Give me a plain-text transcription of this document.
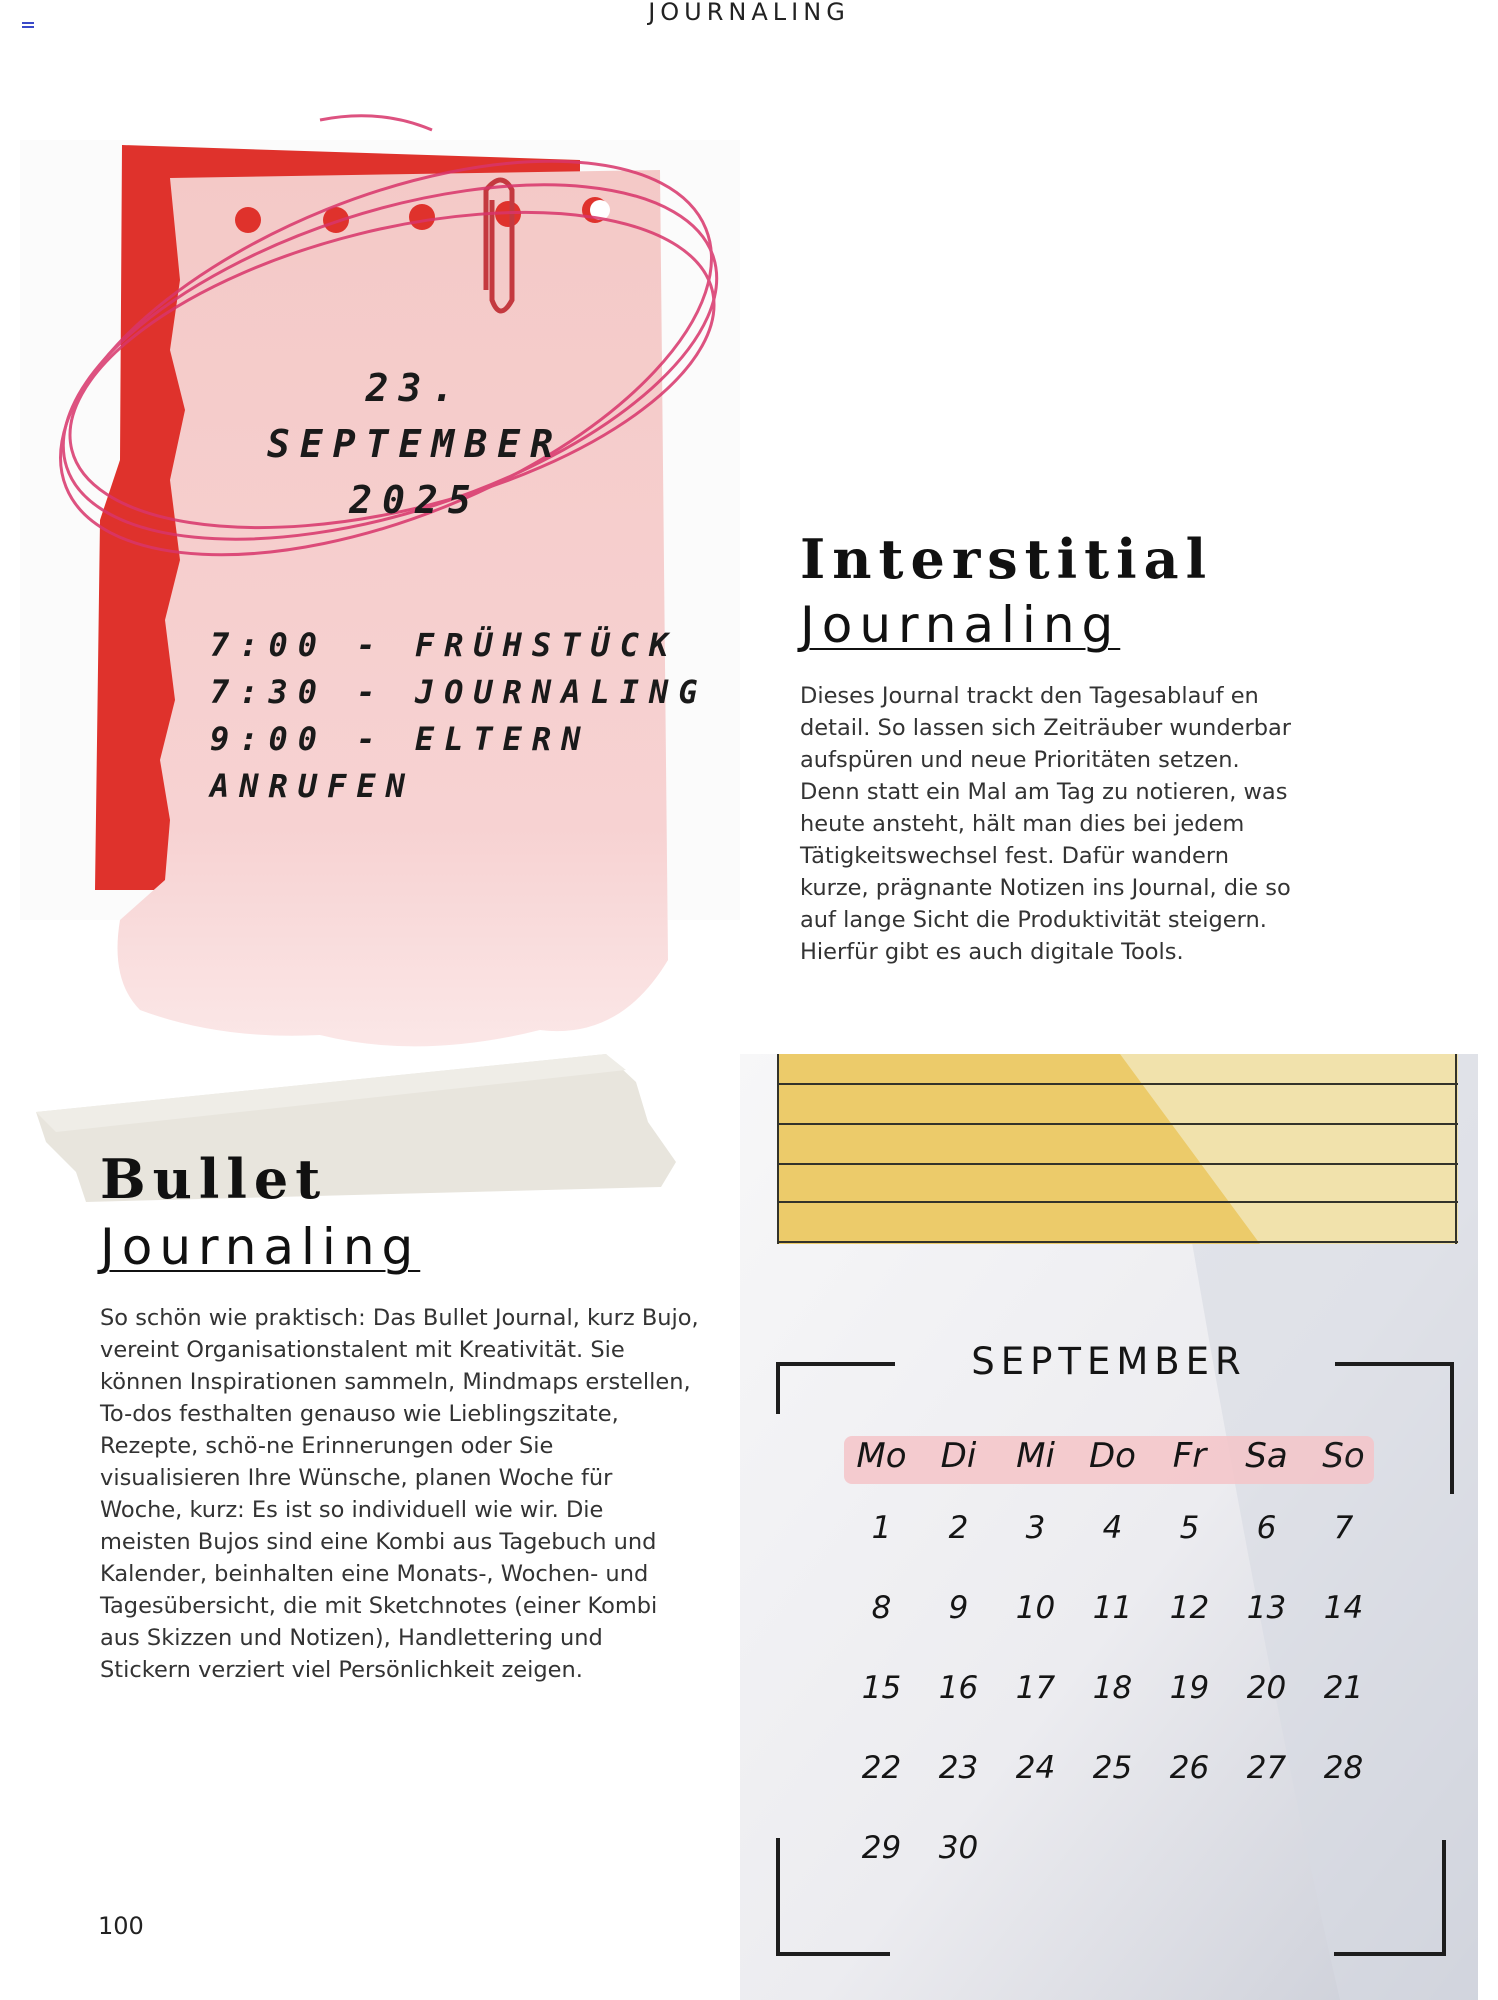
JOURNALING
23. SEPTEMBER
2025
7:00 - FRÜHSTÜCK
7:30 - JOURNALING
9:00 - ELTERN
ANRUFEN
Interstitial
Journaling

Dieses Journal trackt den Tagesablauf en detail. So lassen sich Zeiträuber wunderbar aufspüren und neue Prioritäten setzen. Denn statt ein Mal am Tag zu notieren, was heute ansteht, hält man dies bei jedem Tätigkeitswechsel fest. Dafür wandern kurze, prägnante Notizen ins Journal, die so auf lange Sicht die Produktivität steigern. Hierfür gibt es auch digitale Tools.

Bullet
Journaling

So schön wie praktisch: Das Bullet Journal, kurz Bujo, vereint Organisationstalent mit Kreativität. Sie können Inspirationen sammeln, Mindmaps erstellen, To-dos festhalten genauso wie Lieblingszitate, Rezepte, schö-ne Erinnerungen oder Sie visualisieren Ihre Wünsche, planen Woche für Woche, kurz: Es ist so individuell wie wir. Die meisten Bujos sind eine Kombi aus Tagebuch und Kalender, beinhalten eine Monats-, Wochen- und Tagesübersicht, die mit Sketchnotes (einer Kombi aus Skizzen und Notizen), Handlettering und Stickern verziert viel Persönlichkeit zeigen.

100
SEPTEMBER
Mo	Di	Mi	Do	Fr	Sa	So
1	2	3	4	5	6	7
8	9	10	11	12	13	14
15	16	17	18	19	20	21
22	23	24	25	26	27	28
29	30
